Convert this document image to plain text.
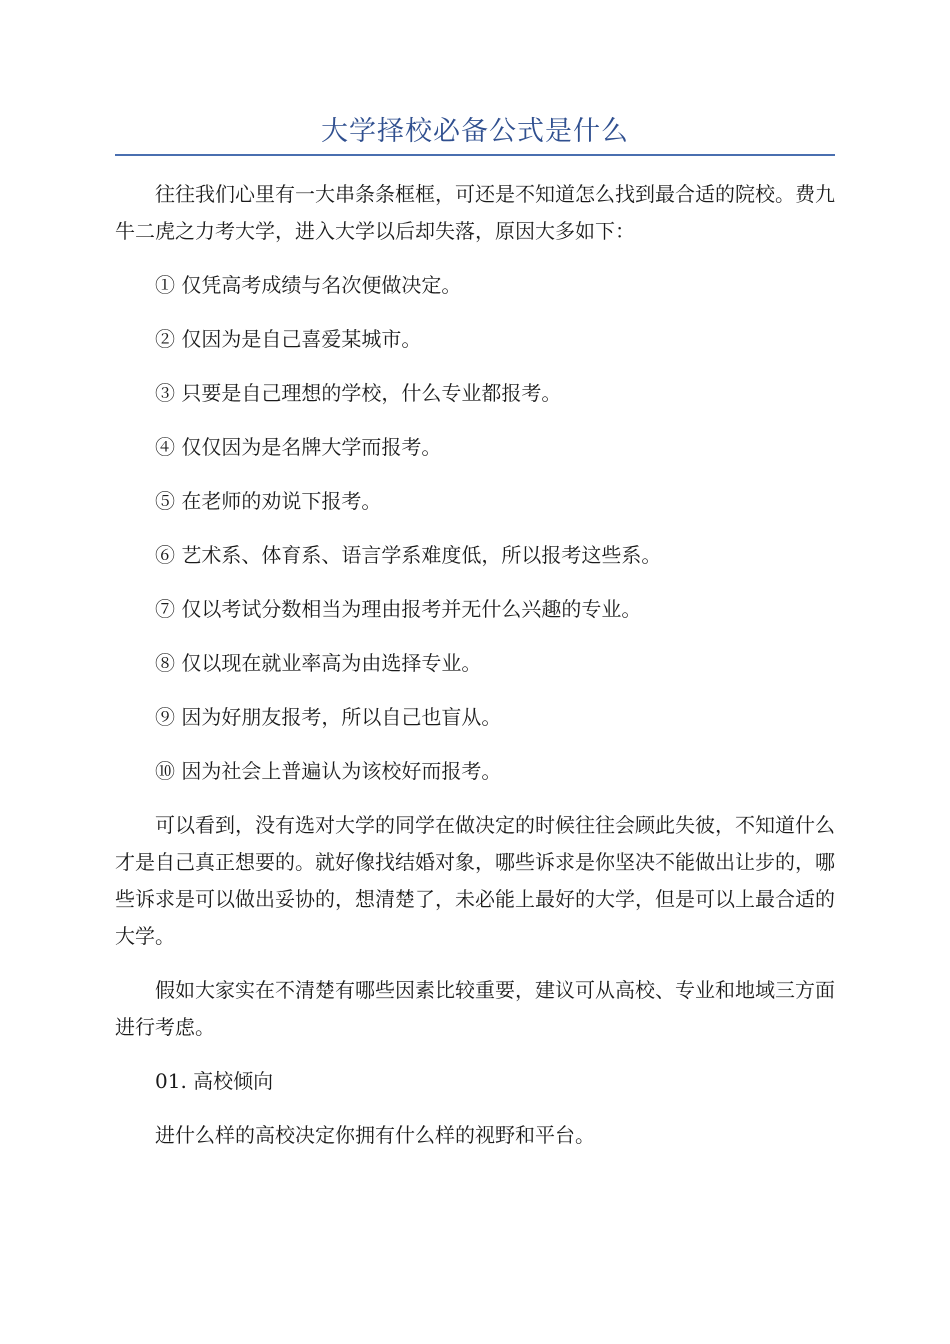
大学择校必备公式是什么

往往我们心里有一大串条条框框，可还是不知道怎么找到最合适的院校。费九牛二虎之力考大学，进入大学以后却失落，原因大多如下：

① 仅凭高考成绩与名次便做决定。

② 仅因为是自己喜爱某城市。

③ 只要是自己理想的学校，什么专业都报考。

④ 仅仅因为是名牌大学而报考。

⑤ 在老师的劝说下报考。

⑥ 艺术系、体育系、语言学系难度低，所以报考这些系。

⑦ 仅以考试分数相当为理由报考并无什么兴趣的专业。

⑧ 仅以现在就业率高为由选择专业。

⑨ 因为好朋友报考，所以自己也盲从。

⑩ 因为社会上普遍认为该校好而报考。

可以看到，没有选对大学的同学在做决定的时候往往会顾此失彼，不知道什么才是自己真正想要的。就好像找结婚对象，哪些诉求是你坚决不能做出让步的，哪些诉求是可以做出妥协的，想清楚了，未必能上最好的大学，但是可以上最合适的大学。

假如大家实在不清楚有哪些因素比较重要，建议可从高校、专业和地域三方面进行考虑。

01. 高校倾向

进什么样的高校决定你拥有什么样的视野和平台。
